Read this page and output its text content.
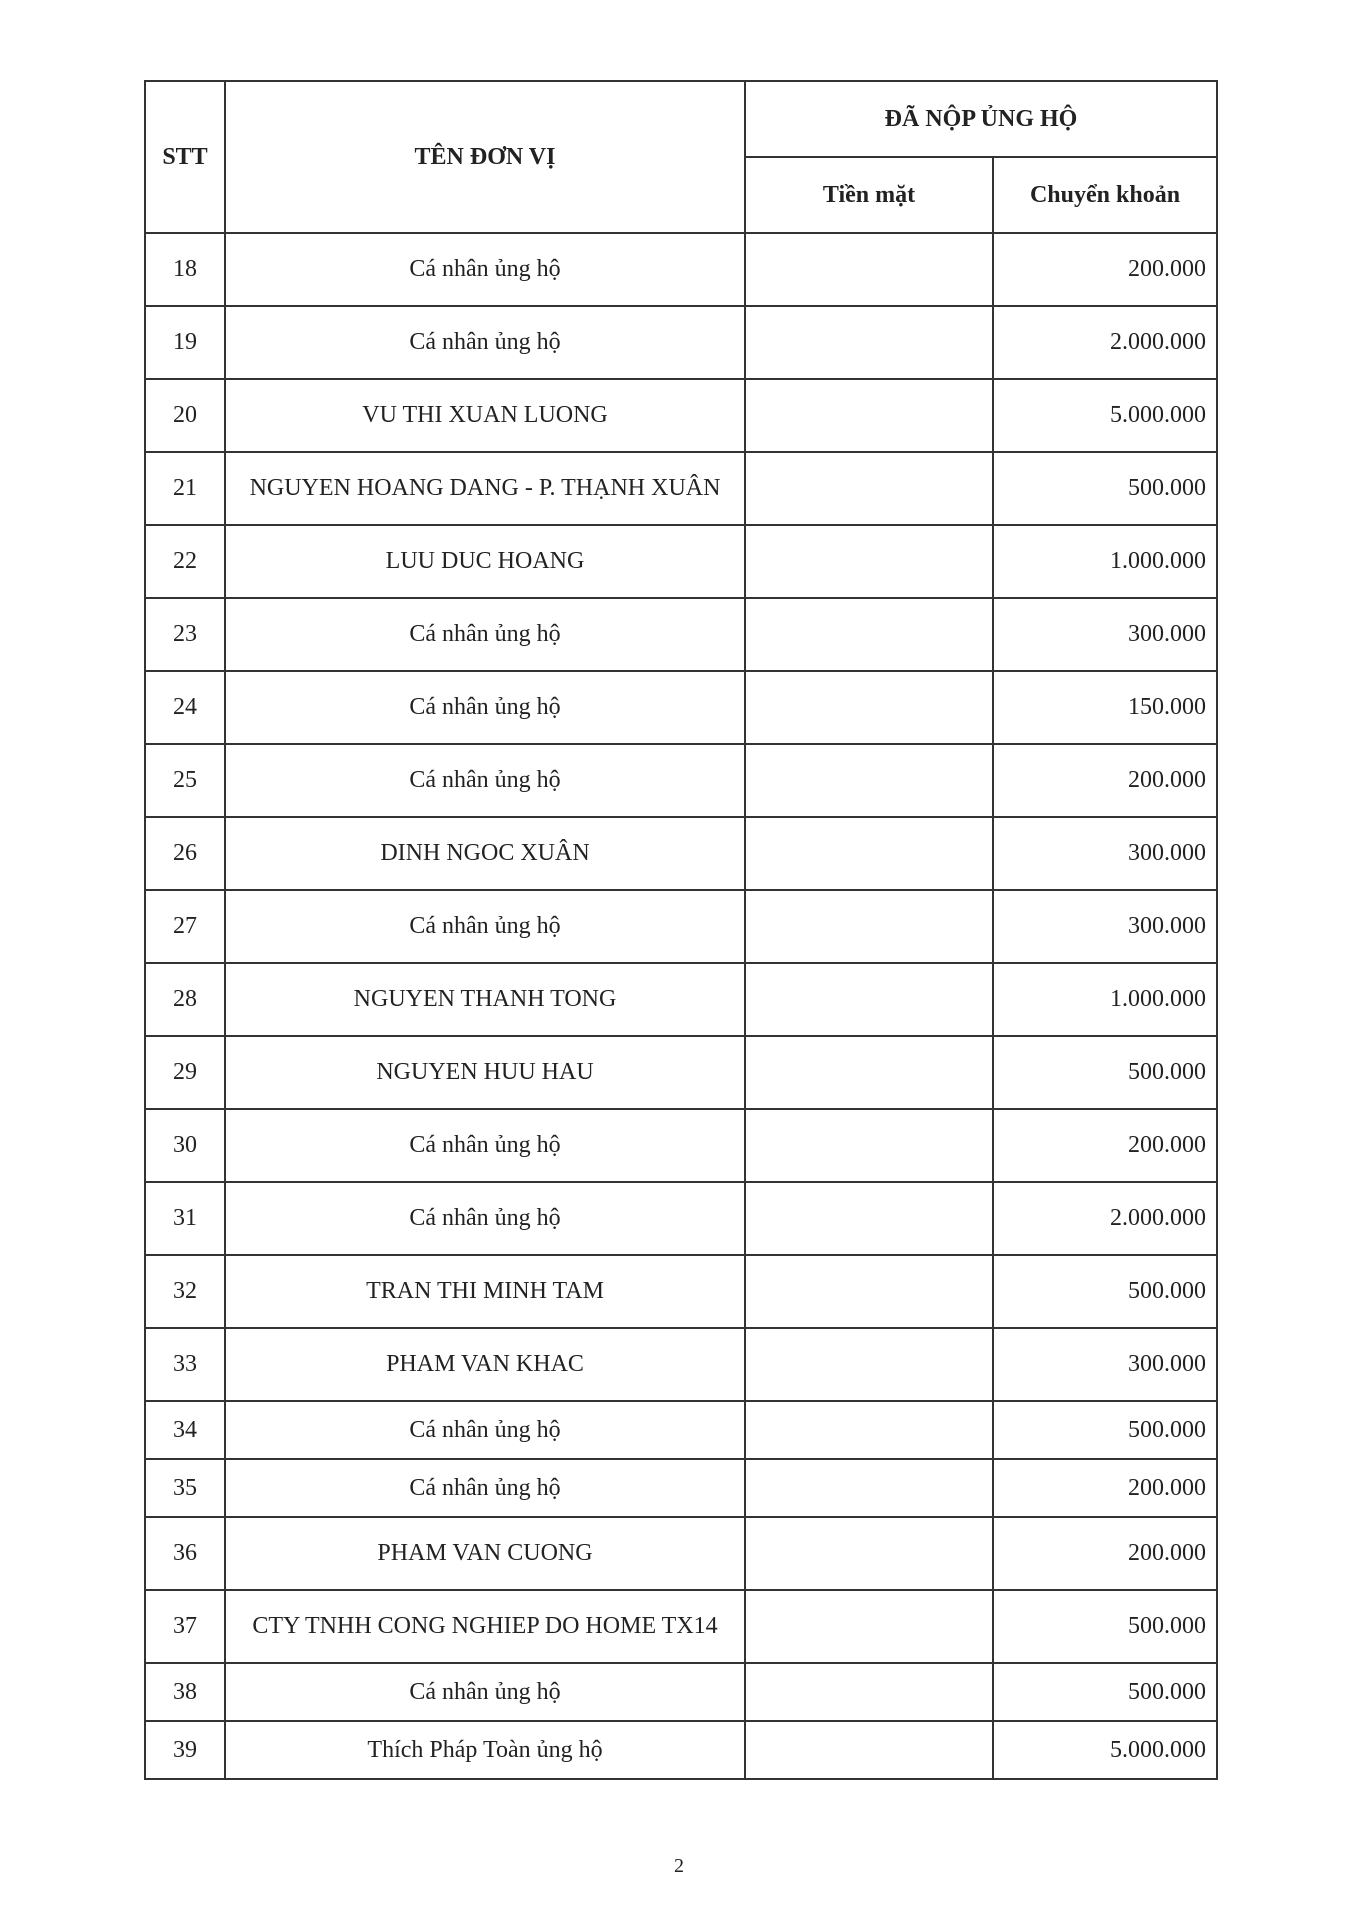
STT	TÊN ĐƠN VỊ	ĐÃ NỘP ỦNG HỘ	
		Tiền mặt	Chuyển khoản
18	Cá nhân ủng hộ		200.000
19	Cá nhân ủng hộ		2.000.000
20	VU THI XUAN LUONG		5.000.000
21	NGUYEN HOANG DANG - P. THẠNH XUÂN		500.000
22	LUU DUC HOANG		1.000.000
23	Cá nhân ủng hộ		300.000
24	Cá nhân ủng hộ		150.000
25	Cá nhân ủng hộ		200.000
26	DINH NGOC XUÂN		300.000
27	Cá nhân ủng hộ		300.000
28	NGUYEN THANH TONG		1.000.000
29	NGUYEN HUU HAU		500.000
30	Cá nhân ủng hộ		200.000
31	Cá nhân ủng hộ		2.000.000
32	TRAN THI MINH TAM		500.000
33	PHAM VAN KHAC		300.000
34	Cá nhân ủng hộ		500.000
35	Cá nhân ủng hộ		200.000
36	PHAM VAN CUONG		200.000
37	CTY TNHH CONG NGHIEP DO HOME TX14		500.000
38	Cá nhân ủng hộ		500.000
39	Thích Pháp Toàn ủng hộ		5.000.000
2
